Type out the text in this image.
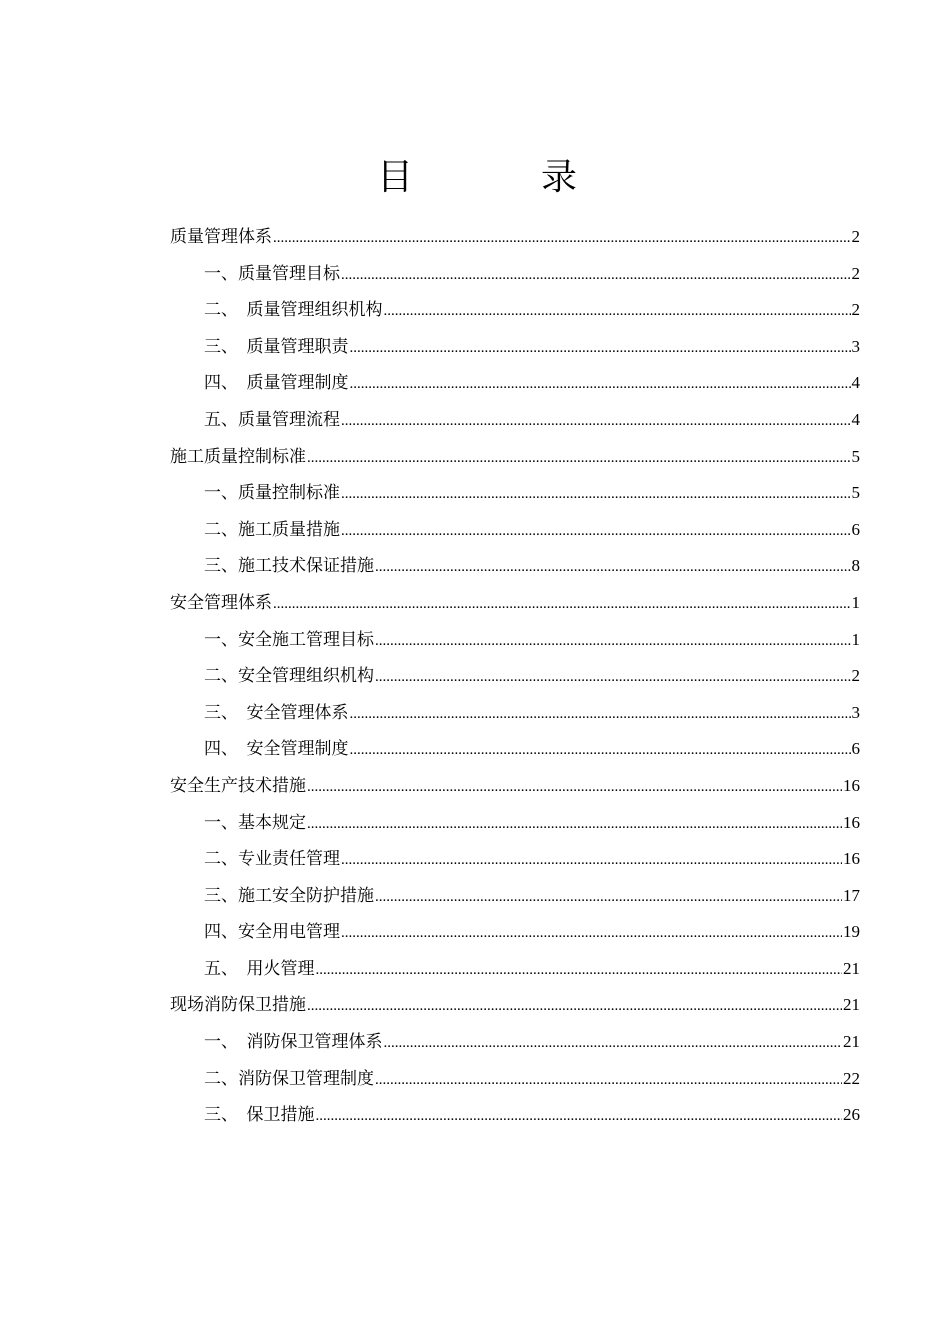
目　录
质量管理体系 .....	2
一、质量管理目标 .....	2
二、　质量管理组织机构 .....	2
三、　质量管理职责 .....	3
四、　质量管理制度 .....	4
五、质量管理流程 .....	4
施工质量控制标准 .....	5
一、质量控制标准 .....	5
二、施工质量措施 .....	6
三、施工技术保证措施 .....	8
安全管理体系 .....	1
一、安全施工管理目标 .....	1
二、安全管理组织机构 .....	2
三、　安全管理体系 .....	3
四、　安全管理制度 .....	6
安全生产技术措施 .....	16
一、基本规定 .....	16
二、专业责任管理 .....	16
三、施工安全防护措施 .....	17
四、安全用电管理 .....	19
五、　用火管理 .....	21
现场消防保卫措施 .....	21
一、　消防保卫管理体系 .....	21
二、消防保卫管理制度 .....	22
三、　保卫措施 .....	26
